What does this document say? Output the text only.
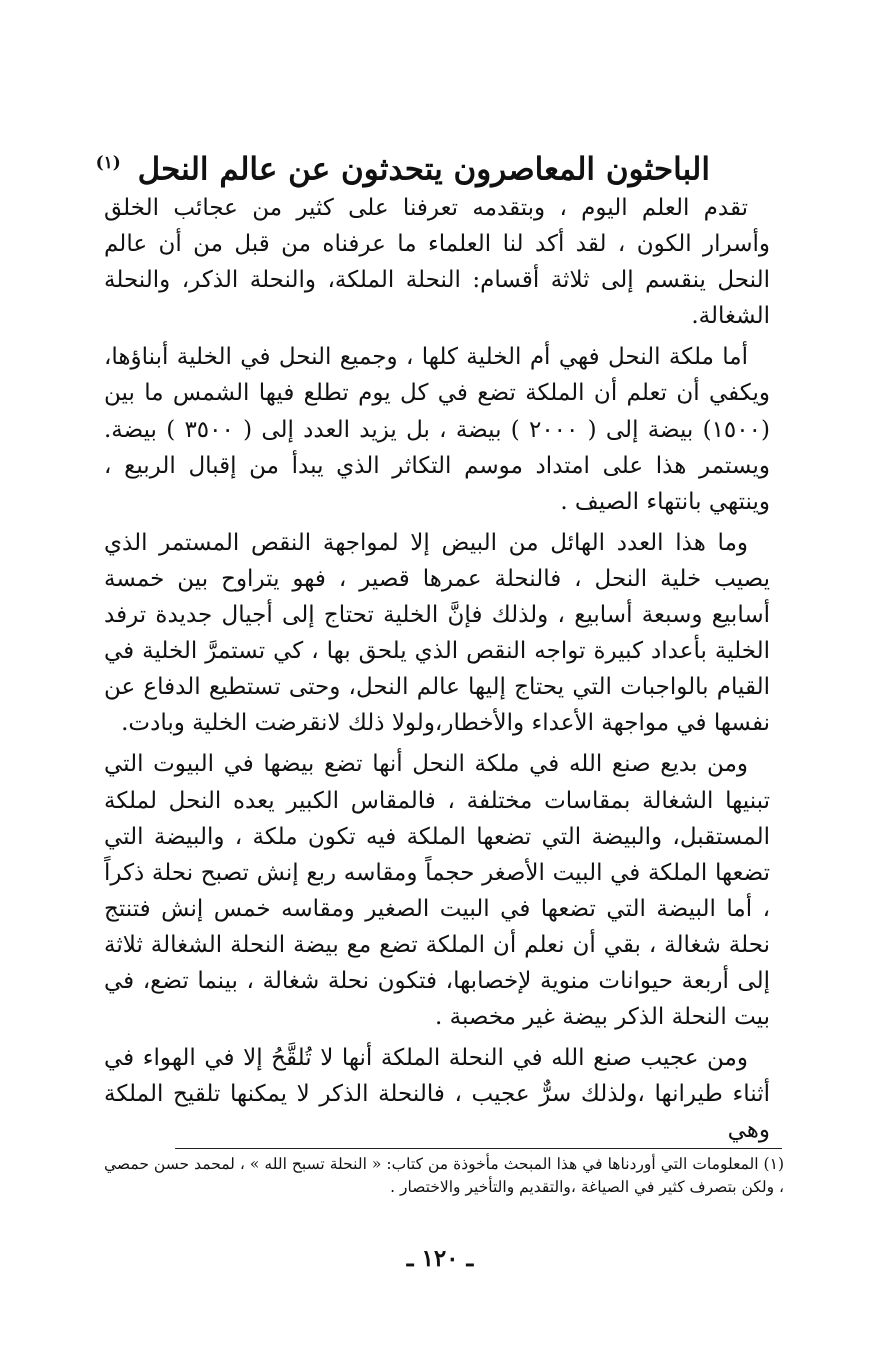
الباحثون المعاصرون يتحدثون عن عالم النحل $^{(١)}$

تقدم العلم اليوم ، وبتقدمه تعرفنا على كثير من عجائب الخلق وأسرار الكون ، لقد أكد لنا العلماء ما عرفناه من قبل من أن عالم النحل ينقسم إلى ثلاثة أقسام: النحلة الملكة، والنحلة الذكر، والنحلة الشغالة.

أما ملكة النحل فهي أم الخلية كلها ، وجميع النحل في الخلية أبناؤها، ويكفي أن تعلم أن الملكة تضع في كل يوم تطلع فيها الشمس ما بين (١٥٠٠) بيضة إلى ( ٢٠٠٠ ) بيضة ، بل يزيد العدد إلى ( ٣٥٠٠ ) بيضة. ويستمر هذا على امتداد موسم التكاثر الذي يبدأ من إقبال الربيع ، وينتهي بانتهاء الصيف .

وما هذا العدد الهائل من البيض إلا لمواجهة النقص المستمر الذي يصيب خلية النحل ، فالنحلة عمرها قصير ، فهو يتراوح بين خمسة أسابيع وسبعة أسابيع ، ولذلك فإنَّ الخلية تحتاج إلى أجيال جديدة ترفد الخلية بأعداد كبيرة تواجه النقص الذي يلحق بها ، كي تستمرَّ الخلية في القيام بالواجبات التي يحتاج إليها عالم النحل، وحتى تستطيع الدفاع عن نفسها في مواجهة الأعداء والأخطار،ولولا ذلك لانقرضت الخلية وبادت.

ومن بديع صنع الله في ملكة النحل أنها تضع بيضها في البيوت التي تبنيها الشغالة بمقاسات مختلفة ، فالمقاس الكبير يعده النحل لملكة المستقبل، والبيضة التي تضعها الملكة فيه تكون ملكة ، والبيضة التي تضعها الملكة في البيت الأصغر حجماً ومقاسه ربع إنش تصبح نحلة ذكراً ، أما البيضة التي تضعها في البيت الصغير ومقاسه خمس إنش فتنتج نحلة شغالة ، بقي أن نعلم أن الملكة تضع مع بيضة النحلة الشغالة ثلاثة إلى أربعة حيوانات منوية لإخصابها، فتكون نحلة شغالة ، بينما تضع، في بيت النحلة الذكر بيضة غير مخصبة .

ومن عجيب صنع الله في النحلة الملكة أنها لا تُلقَّحُ إلا في الهواء في أثناء طيرانها ،ولذلك سرٌّ عجيب ، فالنحلة الذكر لا يمكنها تلقيح الملكة وهي

(١) المعلومات التي أوردناها في هذا المبحث مأخوذة من كتاب: « النحلة تسبح الله » ، لمحمد حسن حمصي ، ولكن بتصرف كثير في الصياغة ،والتقديم والتأخير والاختصار .
ـ ١٢٠ ـ
